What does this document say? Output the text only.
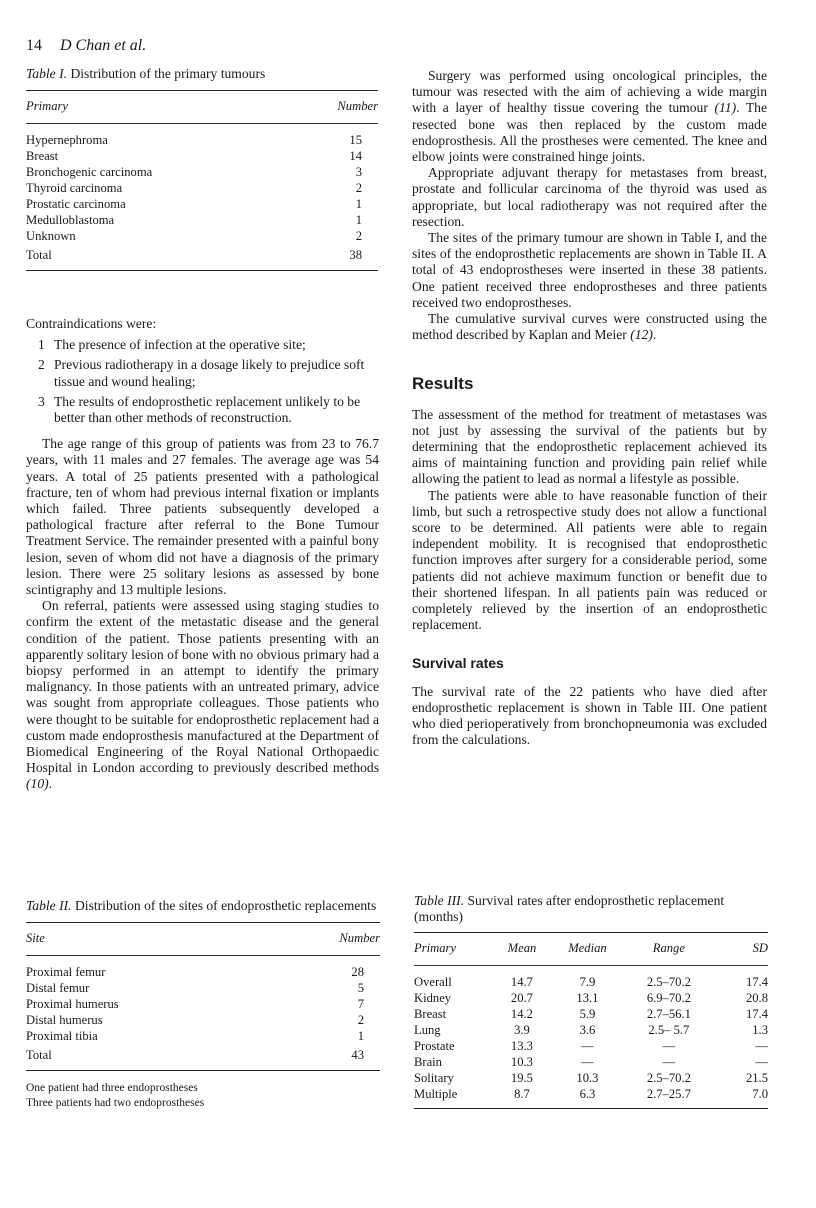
14 D Chan et al.
Table I. Distribution of the primary tumours
Primary	Number
Hypernephroma	15
Breast	14
Bronchogenic carcinoma	3
Thyroid carcinoma	2
Prostatic carcinoma	1
Medulloblastoma	1
Unknown	2
Total	38

Contraindications were:

1 The presence of infection at the operative site;
2 Previous radiotherapy in a dosage likely to prejudice soft tissue and wound healing;
3 The results of endoprosthetic replacement unlikely to be better than other methods of reconstruction.

The age range of this group of patients was from 23 to 76.7 years, with 11 males and 27 females. The average age was 54 years. A total of 25 patients presented with a pathological fracture, ten of whom had previous internal fixation or implants which failed. Three patients subsequently developed a pathological fracture after referral to the Bone Tumour Treatment Service. The remainder presented with a painful bony lesion, seven of whom did not have a diagnosis of the primary lesion. There were 25 solitary lesions as assessed by bone scintigraphy and 13 multiple lesions.

On referral, patients were assessed using staging studies to confirm the extent of the metastatic disease and the general condition of the patient. Those patients presenting with an apparently solitary lesion of bone with no obvious primary had a biopsy performed in an attempt to identify the primary malignancy. In those patients with an untreated primary, advice was sought from appropriate colleagues. Those patients who were thought to be suitable for endoprosthetic replacement had a custom made endoprosthesis manufactured at the Department of Biomedical Engineering of the Royal National Orthopaedic Hospital in London according to previously described methods (10).

Surgery was performed using oncological principles, the tumour was resected with the aim of achieving a wide margin with a layer of healthy tissue covering the tumour (11). The resected bone was then replaced by the custom made endoprosthesis. All the prostheses were cemented. The knee and elbow joints were constrained hinge joints.

Appropriate adjuvant therapy for metastases from breast, prostate and follicular carcinoma of the thyroid was used as appropriate, but local radiotherapy was not required after the resection.

The sites of the primary tumour are shown in Table I, and the sites of the endoprosthetic replacements are shown in Table II. A total of 43 endoprostheses were inserted in these 38 patients. One patient received three endoprostheses and three patients received two endoprostheses.

The cumulative survival curves were constructed using the method described by Kaplan and Meier (12).

Results

The assessment of the method for treatment of metastases was not just by assessing the survival of the patients but by determining that the endoprosthetic replacement achieved its aims of maintaining function and providing pain relief while allowing the patient to lead as normal a lifestyle as possible.

The patients were able to have reasonable function of their limb, but such a retrospective study does not allow a functional score to be determined. All patients were able to regain independent mobility. It is recognised that endoprosthetic function improves after surgery for a considerable period, some patients did not achieve maximum function or benefit due to their shortened lifespan. In all patients pain was reduced or completely relieved by the insertion of an endoprosthetic replacement.

Survival rates

The survival rate of the 22 patients who have died after endoprosthetic replacement is shown in Table III. One patient who died perioperatively from bronchopneumonia was excluded from the calculations.

Table II. Distribution of the sites of endoprosthetic replacements
Site	Number
Proximal femur	28
Distal femur	5
Proximal humerus	7
Distal humerus	2
Proximal tibia	1
Total	43
One patient had three endoprostheses
Three patients had two endoprostheses
Table III. Survival rates after endoprosthetic replacement (months)
Primary	Mean	Median	Range	SD
Overall	14.7	7.9	2.5–70.2	17.4
Kidney	20.7	13.1	6.9–70.2	20.8
Breast	14.2	5.9	2.7–56.1	17.4
Lung	3.9	3.6	2.5– 5.7	1.3
Prostate	13.3	—	—	—
Brain	10.3	—	—	—
Solitary	19.5	10.3	2.5–70.2	21.5
Multiple	8.7	6.3	2.7–25.7	7.0
